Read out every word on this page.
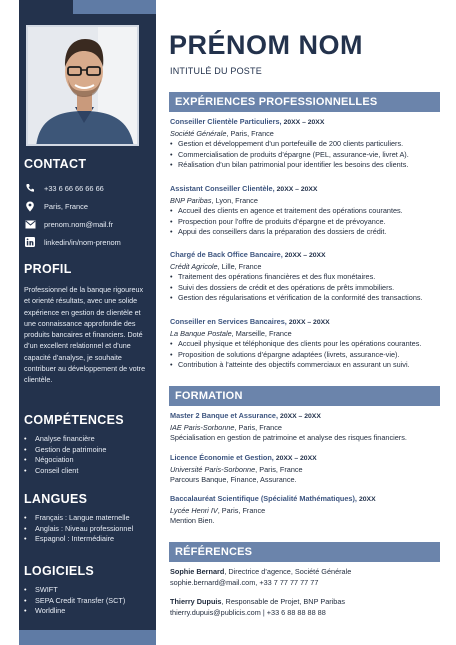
CONTACT
+33 6 66 66 66 66
Paris, France
prenom.nom@mail.fr
linkedin/in/nom-prenom
PROFIL
Professionnel de la banque rigoureux et orienté résultats, avec une solide expérience en gestion de clientèle et une connaissance approfondie des produits bancaires et financiers. Doté d’un excellent relationnel et d’une capacité d’analyse, je souhaite contribuer au développement de votre clientèle.
COMPÉTENCES
• Analyse financière
• Gestion de patrimoine
• Négociation
• Conseil client
LANGUES
• Français : Langue maternelle
• Anglais : Niveau professionnel
• Espagnol : Intermédiaire
LOGICIELS
• SWIFT
• SEPA Credit Transfer (SCT)
• Worldline
PRÉNOM NOM
INTITULÉ DU POSTE
EXPÉRIENCES PROFESSIONNELLES
Conseiller Clientèle Particuliers, 20XX – 20XX
Société Générale, Paris, France
• Gestion et développement d’un portefeuille de 200 clients particuliers.
• Commercialisation de produits d’épargne (PEL, assurance-vie, livret A).
• Réalisation d’un bilan patrimonial pour identifier les besoins des clients.
Assistant Conseiller Clientèle, 20XX – 20XX
BNP Paribas, Lyon, France
• Accueil des clients en agence et traitement des opérations courantes.
• Prospection pour l’offre de produits d’épargne et de prévoyance.
• Appui des conseillers dans la préparation des dossiers de crédit.
Chargé de Back Office Bancaire, 20XX – 20XX
Crédit Agricole, Lille, France
• Traitement des opérations financières et des flux monétaires.
• Suivi des dossiers de crédit et des opérations de prêts immobiliers.
• Gestion des régularisations et vérification de la conformité des transactions.
Conseiller en Services Bancaires, 20XX – 20XX
La Banque Postale, Marseille, France
• Accueil physique et téléphonique des clients pour les opérations courantes.
• Proposition de solutions d’épargne adaptées (livrets, assurance-vie).
• Contribution à l’atteinte des objectifs commerciaux en assurant un suivi.
FORMATION
Master 2 Banque et Assurance, 20XX – 20XX
IAE Paris-Sorbonne, Paris, France
Spécialisation en gestion de patrimoine et analyse des risques financiers.
Licence Économie et Gestion, 20XX – 20XX
Université Paris-Sorbonne, Paris, France
Parcours Banque, Finance, Assurance.
Baccalauréat Scientifique (Spécialité Mathématiques), 20XX
Lycée Henri IV, Paris, France
Mention Bien.
RÉFÉRENCES
Sophie Bernard, Directrice d’agence, Société Générale
sophie.bernard@mail.com, +33 7 77 77 77 77
Thierry Dupuis, Responsable de Projet, BNP Paribas
thierry.dupuis@publicis.com | +33 6 88 88 88 88
